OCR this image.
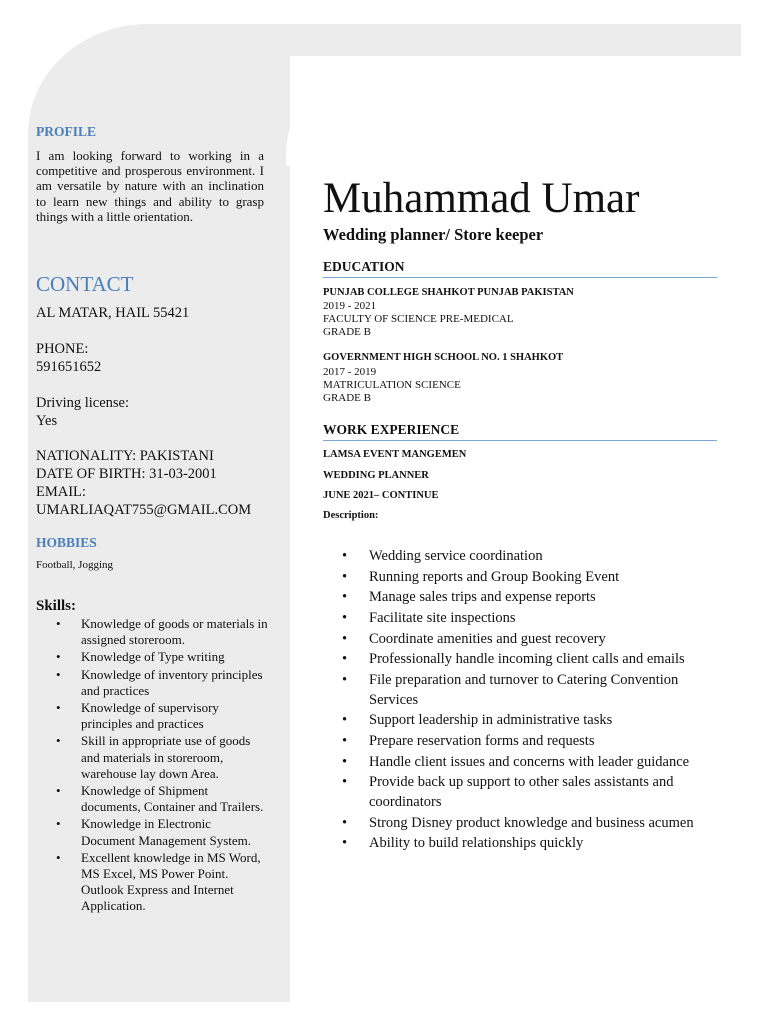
PROFILE
I am looking forward to working in a competitive and prosperous environment. I am versatile by nature with an inclination to learn new things and ability to grasp things with a little orientation.
CONTACT
AL MATAR, HAIL 55421
PHONE:
591651652
Driving license:
Yes
NATIONALITY: PAKISTANI
DATE OF BIRTH: 31-03-2001
EMAIL:
UMARLIAQAT755@GMAIL.COM
HOBBIES
Football, Jogging
Skills:
• Knowledge of goods or materials in assigned storeroom.
• Knowledge of Type writing
• Knowledge of inventory principles and practices
• Knowledge of supervisory principles and practices
• Skill in appropriate use of goods and materials in storeroom, warehouse lay down Area.
• Knowledge of Shipment documents, Container and Trailers.
• Knowledge in Electronic Document Management System.
• Excellent knowledge in MS Word, MS Excel, MS Power Point.
Outlook Express and Internet Application.
Muhammad Umar
Wedding planner/ Store keeper
EDUCATION
PUNJAB COLLEGE SHAHKOT PUNJAB PAKISTAN
2019 - 2021
FACULTY OF SCIENCE PRE-MEDICAL
GRADE B
GOVERNMENT HIGH SCHOOL NO. 1 SHAHKOT
2017 - 2019
MATRICULATION SCIENCE
GRADE B
WORK EXPERIENCE
LAMSA EVENT MANGEMEN
WEDDING PLANNER
JUNE 2021– CONTINUE
Description:
• Wedding service coordination
• Running reports and Group Booking Event
• Manage sales trips and expense reports
• Facilitate site inspections
• Coordinate amenities and guest recovery
• Professionally handle incoming client calls and emails
• File preparation and turnover to Catering Convention Services
• Support leadership in administrative tasks
• Prepare reservation forms and requests
• Handle client issues and concerns with leader guidance
• Provide back up support to other sales assistants and coordinators
• Strong Disney product knowledge and business acumen
• Ability to build relationships quickly
